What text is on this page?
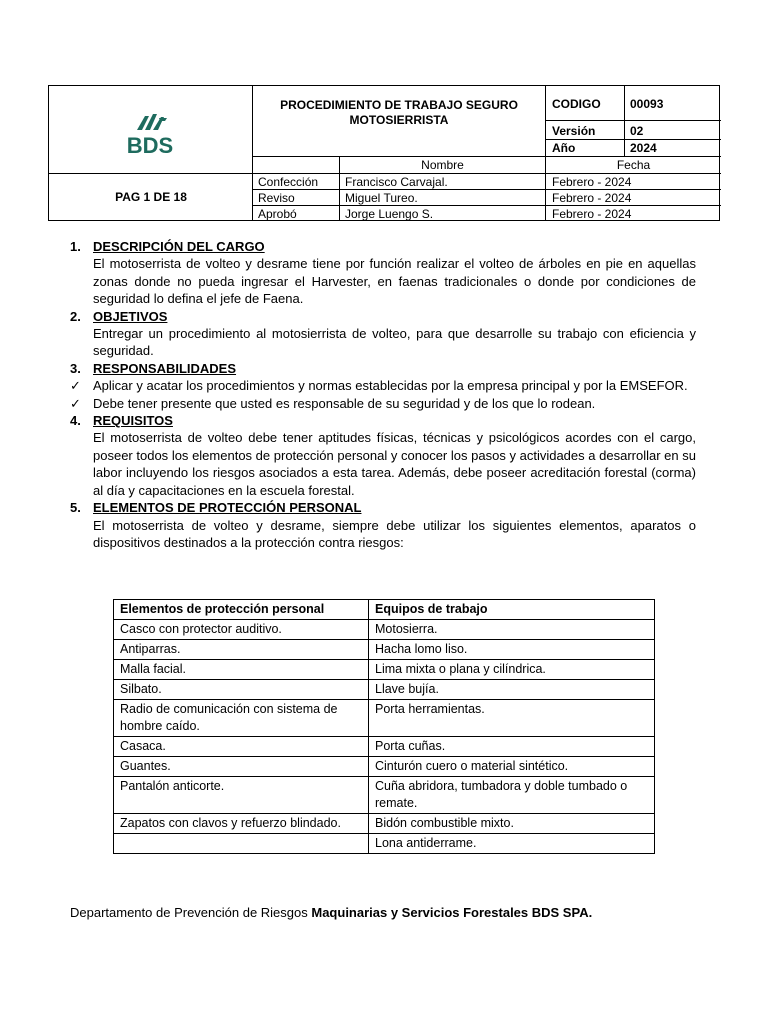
BDS
PROCEDIMIENTO DE TRABAJO SEGURO
MOTOSIERRISTA
CODIGO 00093
Versión	02
Año	2024
Nombre	Fecha
PAG 1 DE 18
Confección Francisco Carvajal.	Febrero - 2024
Reviso	Miguel Tureo.	Febrero - 2024
Aprobó	Jorge Luengo S.	Febrero - 2024
1. DESCRIPCIÓN DEL CARGO
El motoserrista de volteo y desrame tiene por función realizar el volteo de árboles en pie en aquellas zonas donde no pueda ingresar el Harvester, en faenas tradicionales o donde por condiciones de seguridad lo defina el jefe de Faena.
2. OBJETIVOS
Entregar un procedimiento al motosierrista de volteo, para que desarrolle su trabajo con eficiencia y seguridad.
3. RESPONSABILIDADES
✓ Aplicar y acatar los procedimientos y normas establecidas por la empresa principal y por la EMSEFOR.
✓ Debe tener presente que usted es responsable de su seguridad y de los que lo rodean.
4. REQUISITOS
El motoserrista de volteo debe tener aptitudes físicas, técnicas y psicológicos acordes con el cargo, poseer todos los elementos de protección personal y conocer los pasos y actividades a desarrollar en su labor incluyendo los riesgos asociados a esta tarea. Además, debe poseer acreditación forestal (corma) al día y capacitaciones en la escuela forestal.
5. ELEMENTOS DE PROTECCIÓN PERSONAL
El motoserrista de volteo y desrame, siempre debe utilizar los siguientes elementos, aparatos o dispositivos destinados a la protección contra riesgos:
Elementos de protección personal	Equipos de trabajo
Casco con protector auditivo.	Motosierra.
Antiparras.	Hacha lomo liso.
Malla facial.	Lima mixta o plana y cilíndrica.
Silbato.	Llave bujía.
Radio de comunicación con sistema de hombre caído.	Porta herramientas.
Casaca.	Porta cuñas.
Guantes.	Cinturón cuero o material sintético.
Pantalón anticorte.	Cuña abridora, tumbadora y doble tumbado o remate.
Zapatos con clavos y refuerzo blindado.	Bidón combustible mixto.
	Lona antiderrame.
Departamento de Prevención de Riesgos Maquinarias y Servicios Forestales BDS SPA.
